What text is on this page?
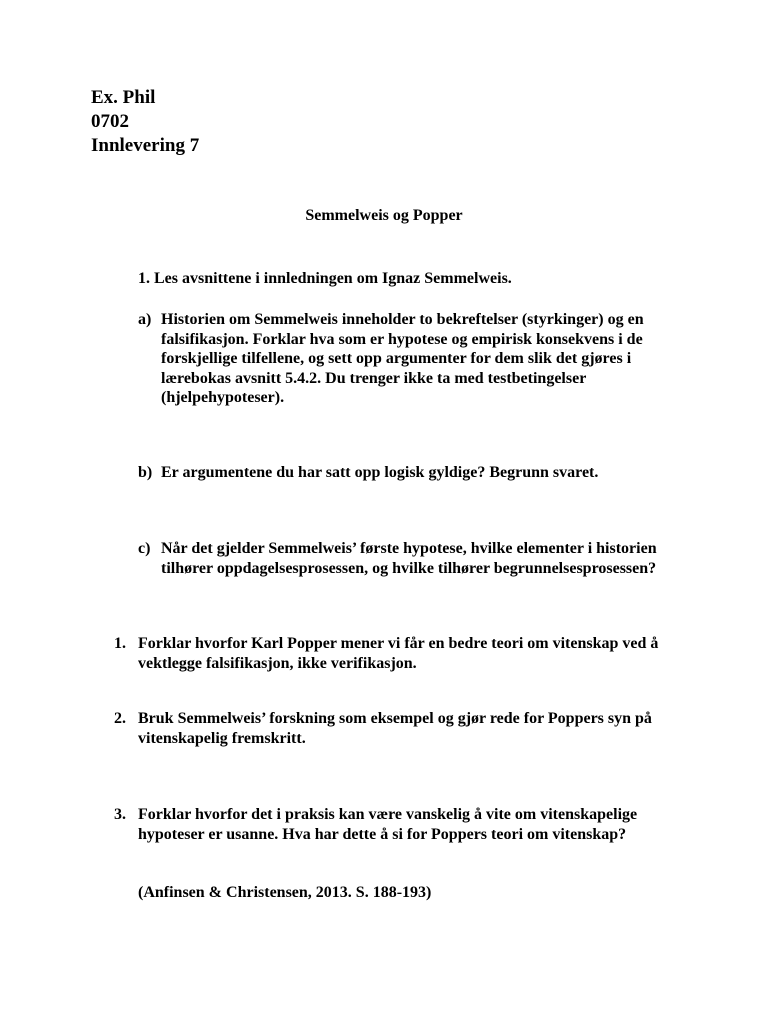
Ex. Phil
0702
Innlevering 7
Semmelweis og Popper
1. Les avsnittene i innledningen om Ignaz Semmelweis.
a) Historien om Semmelweis inneholder to bekreftelser (styrkinger) og en falsifikasjon. Forklar hva som er hypotese og empirisk konsekvens i de forskjellige tilfellene, og sett opp argumenter for dem slik det gjøres i lærebokas avsnitt 5.4.2. Du trenger ikke ta med testbetingelser (hjelpehypoteser).
b) Er argumentene du har satt opp logisk gyldige? Begrunn svaret.
c) Når det gjelder Semmelweis’ første hypotese, hvilke elementer i historien tilhører oppdagelsesprosessen, og hvilke tilhører begrunnelsesprosessen?
1. Forklar hvorfor Karl Popper mener vi får en bedre teori om vitenskap ved å vektlegge falsifikasjon, ikke verifikasjon.
2. Bruk Semmelweis’ forskning som eksempel og gjør rede for Poppers syn på vitenskapelig fremskritt.
3. Forklar hvorfor det i praksis kan være vanskelig å vite om vitenskapelige hypoteser er usanne. Hva har dette å si for Poppers teori om vitenskap?
(Anfinsen & Christensen, 2013. S. 188-193)
